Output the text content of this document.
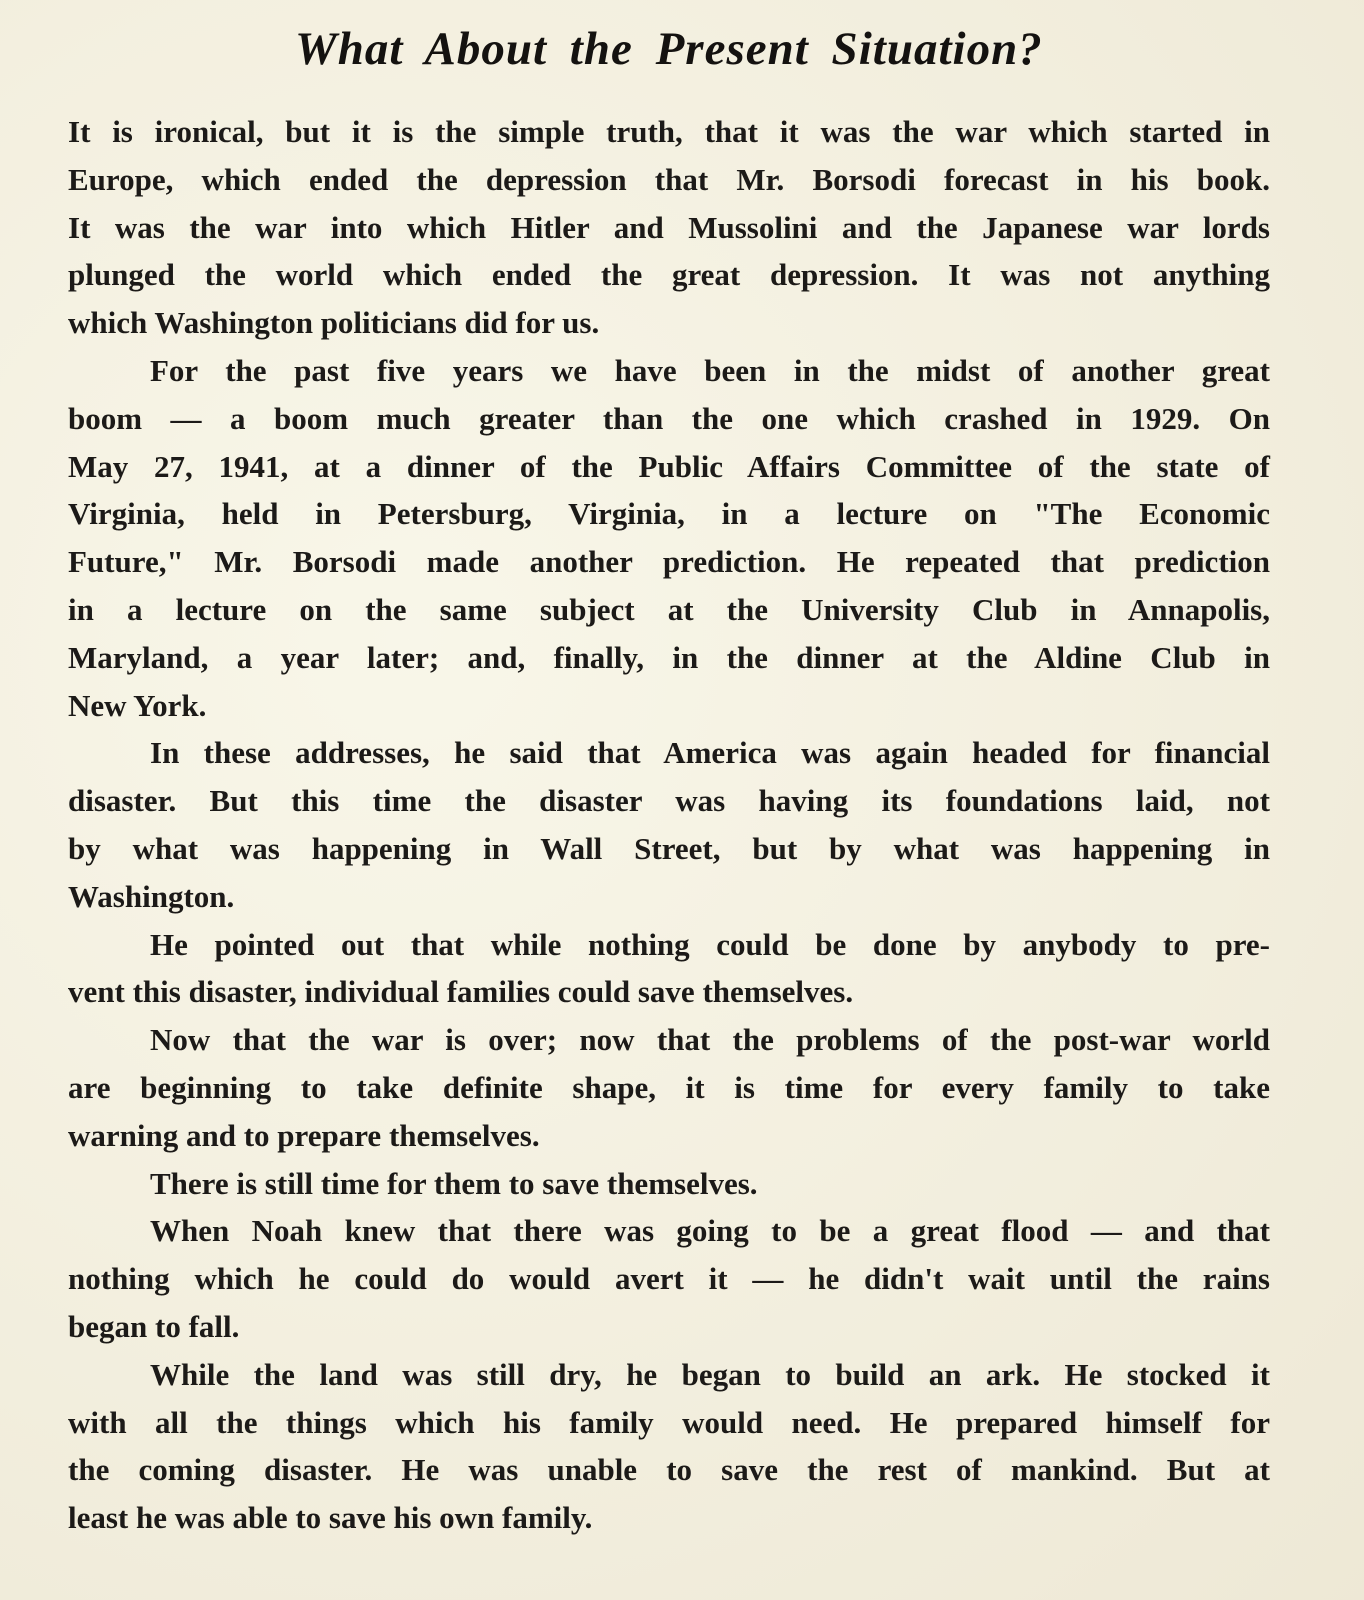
What About the Present Situation?
It is ironical, but it is the simple truth, that it was the war which started in
Europe, which ended the depression that Mr. Borsodi forecast in his book.
It was the war into which Hitler and Mussolini and the Japanese war lords
plunged the world which ended the great depression. It was not anything
which Washington politicians did for us.
For the past five years we have been in the midst of another great
boom — a boom much greater than the one which crashed in 1929. On
May 27, 1941, at a dinner of the Public Affairs Committee of the state of
Virginia, held in Petersburg, Virginia, in a lecture on "The Economic
Future," Mr. Borsodi made another prediction. He repeated that prediction
in a lecture on the same subject at the University Club in Annapolis,
Maryland, a year later; and, finally, in the dinner at the Aldine Club in
New York.
In these addresses, he said that America was again headed for financial
disaster. But this time the disaster was having its foundations laid, not
by what was happening in Wall Street, but by what was happening in
Washington.
He pointed out that while nothing could be done by anybody to pre-
vent this disaster, individual families could save themselves.
Now that the war is over; now that the problems of the post-war world
are beginning to take definite shape, it is time for every family to take
warning and to prepare themselves.
There is still time for them to save themselves.
When Noah knew that there was going to be a great flood — and that
nothing which he could do would avert it — he didn't wait until the rains
began to fall.
While the land was still dry, he began to build an ark. He stocked it
with all the things which his family would need. He prepared himself for
the coming disaster. He was unable to save the rest of mankind. But at
least he was able to save his own family.
